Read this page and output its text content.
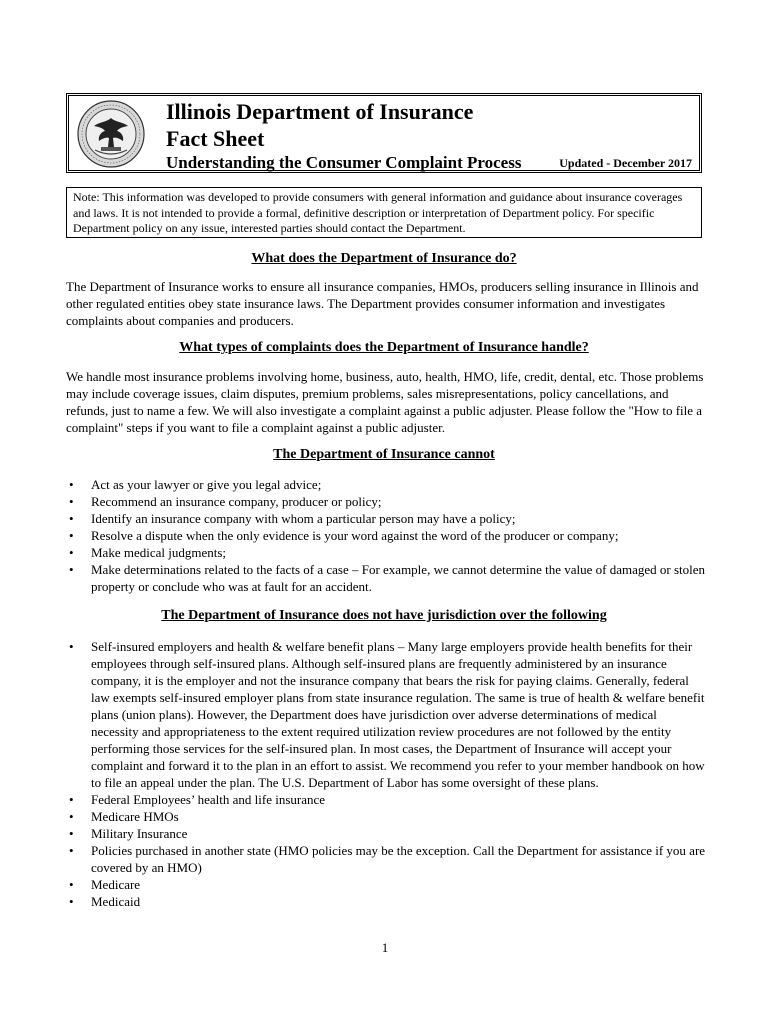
Illinois Department of Insurance
Fact Sheet
Understanding the Consumer Complaint Process	Updated - December 2017
Note: This information was developed to provide consumers with general information and guidance about insurance coverages and laws. It is not intended to provide a formal, definitive description or interpretation of Department policy. For specific Department policy on any issue, interested parties should contact the Department.
What does the Department of Insurance do?

The Department of Insurance works to ensure all insurance companies, HMOs, producers selling insurance in Illinois and other regulated entities obey state insurance laws. The Department provides consumer information and investigates complaints about companies and producers.

What types of complaints does the Department of Insurance handle?

We handle most insurance problems involving home, business, auto, health, HMO, life, credit, dental, etc. Those problems may include coverage issues, claim disputes, premium problems, sales misrepresentations, policy cancellations, and refunds, just to name a few. We will also investigate a complaint against a public adjuster. Please follow the "How to file a complaint" steps if you want to file a complaint against a public adjuster.

The Department of Insurance cannot
• Act as your lawyer or give you legal advice;
• Recommend an insurance company, producer or policy;
• Identify an insurance company with whom a particular person may have a policy;
• Resolve a dispute when the only evidence is your word against the word of the producer or company;
• Make medical judgments;
• Make determinations related to the facts of a case – For example, we cannot determine the value of damaged or stolen property or conclude who was at fault for an accident.
The Department of Insurance does not have jurisdiction over the following
• Self-insured employers and health & welfare benefit plans – Many large employers provide health benefits for their employees through self-insured plans. Although self-insured plans are frequently administered by an insurance company, it is the employer and not the insurance company that bears the risk for paying claims. Generally, federal law exempts self-insured employer plans from state insurance regulation. The same is true of health & welfare benefit plans (union plans). However, the Department does have jurisdiction over adverse determinations of medical necessity and appropriateness to the extent required utilization review procedures are not followed by the entity performing those services for the self-insured plan. In most cases, the Department of Insurance will accept your complaint and forward it to the plan in an effort to assist. We recommend you refer to your member handbook on how to file an appeal under the plan. The U.S. Department of Labor has some oversight of these plans.
• Federal Employees’ health and life insurance
• Medicare HMOs
• Military Insurance
• Policies purchased in another state (HMO policies may be the exception. Call the Department for assistance if you are covered by an HMO)
• Medicare
• Medicaid
1
